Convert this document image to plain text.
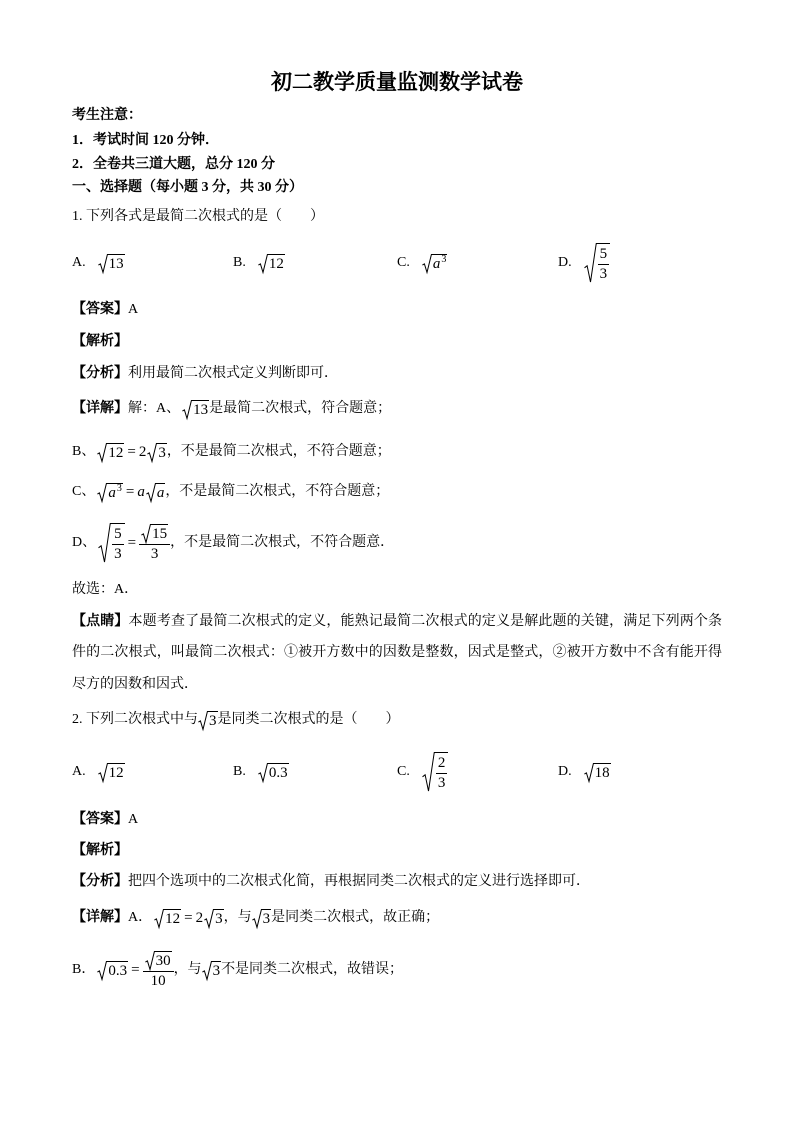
初二教学质量监测数学试卷
考生注意：
1．考试时间 120 分钟．
2．全卷共三道大题，总分 120 分
一、选择题（每小题 3 分，共 30 分）
1. 下列各式是最简二次根式的是（　　）
A. 13	B. 12	C. $a^3$	D. $\frac{5}{3}$
【答案】A
【解析】
【分析】利用最简二次根式定义判断即可．
【详解】 解：A、 13 是最简二次根式，符合题意；
B、 12 = 2 3 ，不是最简二次根式，不符合题意；
C、 $a^3 = a$ a ，不是最简二次根式，不符合题意；
D、 $\frac{5}{3} = \frac{15}{3}$ ，不是最简二次根式，不符合题意．
故选：A．
【点睛】本题考查了最简二次根式的定义，能熟记最简二次根式的定义是解此题的关键，满足下列两个条
件的二次根式，叫最简二次根式：①被开方数中的因数是整数，因式是整式，②被开方数中不含有能开得
尽方的因数和因式．
2. 下列二次根式中与 3 是同类二次根式的是（　　）
A. 12	B. 0.3	C. $\frac{2}{3}$	D. 18
【答案】A
【解析】
【分析】把四个选项中的二次根式化简，再根据同类二次根式的定义进行选择即可．
【详解】 A． 12 = 2 3 ，与 3 是同类二次根式，故正确；
B． $0.3 = \frac{30}{10}$ ，与 3 不是同类二次根式，故错误；
